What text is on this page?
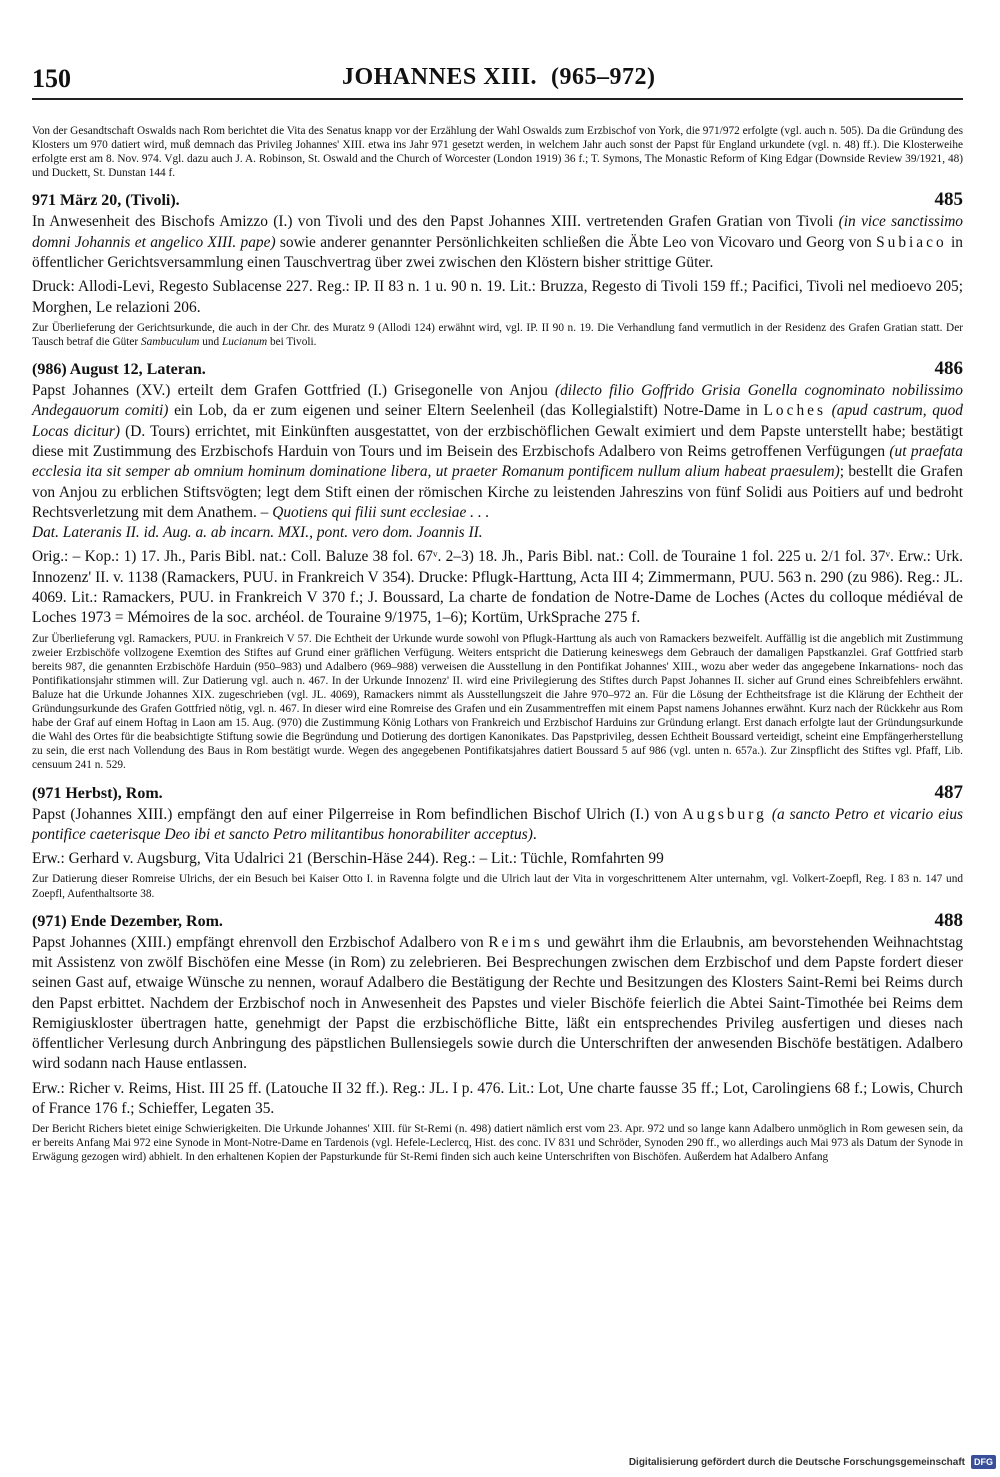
150	JOHANNES XIII. (965–972)

Von der Gesandtschaft Oswalds nach Rom berichtet die Vita des Senatus knapp vor der Erzählung der Wahl Oswalds zum Erzbischof von York, die 971/972 erfolgte (vgl. auch n. 505). Da die Gründung des Klosters um 970 datiert wird, muß demnach das Privileg Johannes' XIII. etwa ins Jahr 971 gesetzt werden, in welchem Jahr auch sonst der Papst für England urkundete (vgl. n. 48) ff.). Die Klosterweihe erfolgte erst am 8. Nov. 974. Vgl. dazu auch J. A. Robinson, St. Oswald and the Church of Worcester (London 1919) 36 f.; T. Symons, The Monastic Reform of King Edgar (Downside Review 39/1921, 48) und Duckett, St. Dunstan 144 f.

971 März 20, (Tivoli).	485

In Anwesenheit des Bischofs Amizzo (I.) von Tivoli und des den Papst Johannes XIII. vertretenden Grafen Gratian von Tivoli (in vice sanctissimo domni Johannis et angelico XIII. pape) sowie anderer genannter Persönlichkeiten schließen die Äbte Leo von Vicovaro und Georg von Subiaco in öffentlicher Gerichtsversammlung einen Tauschvertrag über zwei zwischen den Klöstern bisher strittige Güter.

Druck: Allodi-Levi, Regesto Sublacense 227. Reg.: IP. II 83 n. 1 u. 90 n. 19. Lit.: Bruzza, Regesto di Tivoli 159 ff.; Pacifici, Tivoli nel medioevo 205; Morghen, Le relazioni 206.

Zur Überlieferung der Gerichtsurkunde, die auch in der Chr. des Muratz 9 (Allodi 124) erwähnt wird, vgl. IP. II 90 n. 19. Die Verhandlung fand vermutlich in der Residenz des Grafen Gratian statt. Der Tausch betraf die Güter Sambuculum und Lucianum bei Tivoli.

(986) August 12, Lateran.	486

Papst Johannes (XV.) erteilt dem Grafen Gottfried (I.) Grisegonelle von Anjou (dilecto filio Goffrido Grisia Gonella cognominato nobilissimo Andegauorum comiti) ein Lob, da er zum eigenen und seiner Eltern Seelenheil (das Kollegialstift) Notre-Dame in Loches (apud castrum, quod Locas dicitur) (D. Tours) errichtet, mit Einkünften ausgestattet, von der erzbischöflichen Gewalt eximiert und dem Papste unterstellt habe; bestätigt diese mit Zustimmung des Erzbischofs Harduin von Tours und im Beisein des Erzbischofs Adalbero von Reims getroffenen Verfügungen (ut praefata ecclesia ita sit semper ab omnium hominum dominatione libera, ut praeter Romanum pontificem nullum alium habeat praesulem); bestellt die Grafen von Anjou zu erblichen Stiftsvögten; legt dem Stift einen der römischen Kirche zu leistenden Jahreszins von fünf Solidi aus Poitiers auf und bedroht Rechtsverletzung mit dem Anathem. – Quotiens qui filii sunt ecclesiae . . .

Dat. Lateranis II. id. Aug. a. ab incarn. MXI., pont. vero dom. Joannis II.

Orig.: – Kop.: 1) 17. Jh., Paris Bibl. nat.: Coll. Baluze 38 fol. 67ᵛ. 2–3) 18. Jh., Paris Bibl. nat.: Coll. de Touraine 1 fol. 225 u. 2/1 fol. 37ᵛ. Erw.: Urk. Innozenz' II. v. 1138 (Ramackers, PUU. in Frankreich V 354). Drucke: Pflugk-Harttung, Acta III 4; Zimmermann, PUU. 563 n. 290 (zu 986). Reg.: JL. 4069. Lit.: Ramackers, PUU. in Frankreich V 370 f.; J. Boussard, La charte de fondation de Notre-Dame de Loches (Actes du colloque médiéval de Loches 1973 = Mémoires de la soc. archéol. de Touraine 9/1975, 1–6); Kortüm, UrkSprache 275 f.

Zur Überlieferung vgl. Ramackers, PUU. in Frankreich V 57. Die Echtheit der Urkunde wurde sowohl von Pflugk-Harttung als auch von Ramackers bezweifelt. Auffällig ist die angeblich mit Zustimmung zweier Erzbischöfe vollzogene Exemtion des Stiftes auf Grund einer gräflichen Verfügung. Weiters entspricht die Datierung keineswegs dem Gebrauch der damaligen Papstkanzlei. Graf Gottfried starb bereits 987, die genannten Erzbischöfe Harduin (950–983) und Adalbero (969–988) verweisen die Ausstellung in den Pontifikat Johannes' XIII., wozu aber weder das angegebene Inkarnations- noch das Pontifikationsjahr stimmen will. Zur Datierung vgl. auch n. 467. In der Urkunde Innozenz' II. wird eine Privilegierung des Stiftes durch Papst Johannes II. sicher auf Grund eines Schreibfehlers erwähnt. Baluze hat die Urkunde Johannes XIX. zugeschrieben (vgl. JL. 4069), Ramackers nimmt als Ausstellungszeit die Jahre 970–972 an. Für die Lösung der Echtheitsfrage ist die Klärung der Echtheit der Gründungsurkunde des Grafen Gottfried nötig, vgl. n. 467. In dieser wird eine Romreise des Grafen und ein Zusammentreffen mit einem Papst namens Johannes erwähnt. Kurz nach der Rückkehr aus Rom habe der Graf auf einem Hoftag in Laon am 15. Aug. (970) die Zustimmung König Lothars von Frankreich und Erzbischof Harduins zur Gründung erlangt. Erst danach erfolgte laut der Gründungsurkunde die Wahl des Ortes für die beabsichtigte Stiftung sowie die Begründung und Dotierung des dortigen Kanonikates. Das Papstprivileg, dessen Echtheit Boussard verteidigt, scheint eine Empfängerherstellung zu sein, die erst nach Vollendung des Baus in Rom bestätigt wurde. Wegen des angegebenen Pontifikatsjahres datiert Boussard 5 auf 986 (vgl. unten n. 657a.). Zur Zinspflicht des Stiftes vgl. Pfaff, Lib. censuum 241 n. 529.

(971 Herbst), Rom.	487

Papst (Johannes XIII.) empfängt den auf einer Pilgerreise in Rom befindlichen Bischof Ulrich (I.) von Augsburg (a sancto Petro et vicario eius pontifice caeterisque Deo ibi et sancto Petro militantibus honorabiliter acceptus).

Erw.: Gerhard v. Augsburg, Vita Udalrici 21 (Berschin-Häse 244). Reg.: – Lit.: Tüchle, Romfahrten 99

Zur Datierung dieser Romreise Ulrichs, der ein Besuch bei Kaiser Otto I. in Ravenna folgte und die Ulrich laut der Vita in vorgeschrittenem Alter unternahm, vgl. Volkert-Zoepfl, Reg. I 83 n. 147 und Zoepfl, Aufenthaltsorte 38.

(971) Ende Dezember, Rom.	488

Papst Johannes (XIII.) empfängt ehrenvoll den Erzbischof Adalbero von Reims und gewährt ihm die Erlaubnis, am bevorstehenden Weihnachtstag mit Assistenz von zwölf Bischöfen eine Messe (in Rom) zu zelebrieren. Bei Besprechungen zwischen dem Erzbischof und dem Papste fordert dieser seinen Gast auf, etwaige Wünsche zu nennen, worauf Adalbero die Bestätigung der Rechte und Besitzungen des Klosters Saint-Remi bei Reims durch den Papst erbittet. Nachdem der Erzbischof noch in Anwesenheit des Papstes und vieler Bischöfe feierlich die Abtei Saint-Timothée bei Reims dem Remigiuskloster übertragen hatte, genehmigt der Papst die erzbischöfliche Bitte, läßt ein entsprechendes Privileg ausfertigen und dieses nach öffentlicher Verlesung durch Anbringung des päpstlichen Bullensiegels sowie durch die Unterschriften der anwesenden Bischöfe bestätigen. Adalbero wird sodann nach Hause entlassen.

Erw.: Richer v. Reims, Hist. III 25 ff. (Latouche II 32 ff.). Reg.: JL. I p. 476. Lit.: Lot, Une charte fausse 35 ff.; Lot, Carolingiens 68 f.; Lowis, Church of France 176 f.; Schieffer, Legaten 35.

Der Bericht Richers bietet einige Schwierigkeiten. Die Urkunde Johannes' XIII. für St-Remi (n. 498) datiert nämlich erst vom 23. Apr. 972 und so lange kann Adalbero unmöglich in Rom gewesen sein, da er bereits Anfang Mai 972 eine Synode in Mont-Notre-Dame en Tardenois (vgl. Hefele-Leclercq, Hist. des conc. IV 831 und Schröder, Synoden 290 ff., wo allerdings auch Mai 973 als Datum der Synode in Erwägung gezogen wird) abhielt. In den erhaltenen Kopien der Papsturkunde für St-Remi finden sich auch keine Unterschriften von Bischöfen. Außerdem hat Adalbero Anfang

Digitalisierung gefördert durch die Deutsche Forschungsgemeinschaft	DFG
